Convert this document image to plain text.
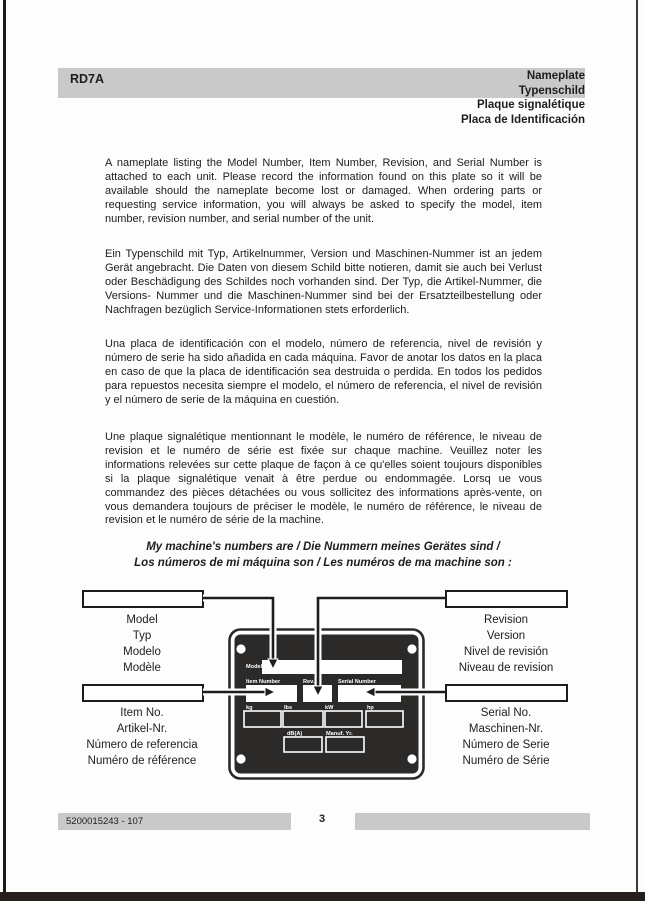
RD7A	Nameplate
Typenschild
Plaque signalétique
Placa de Identificación
A nameplate listing the Model Number, Item Number, Revision, and Serial Number is attached to each unit. Please record the information found on this plate so it will be available should the nameplate become lost or damaged. When ordering parts or requesting service information, you will always be asked to specify the model, item number, revision number, and serial number of the unit.
Ein Typenschild mit Typ, Artikelnummer, Version und Maschinen-Nummer ist an jedem Gerät angebracht. Die Daten von diesem Schild bitte notieren, damit sie auch bei Verlust oder Beschädigung des Schildes noch vorhanden sind. Der Typ, die Artikel-Nummer, die Versions- Nummer und die Maschinen-Nummer sind bei der Ersatzteilbestellung oder Nachfragen bezüglich Service-Informationen stets erforderlich.
Una placa de identificación con el modelo, número de referencia, nivel de revisión y número de serie ha sido añadida en cada máquina. Favor de anotar los datos en la placa en caso de que la placa de identificación sea destruida o perdida. En todos los pedidos para repuestos necesita siempre el modelo, el número de referencia, el nivel de revisión y el número de serie de la máquina en cuestión.
Une plaque signalétique mentionnant le modèle, le numéro de référence, le niveau de revision et le numéro de série est fixée sur chaque machine. Veuillez noter les informations relevées sur cette plaque de façon à ce qu'elles soient toujours disponibles si la plaque signalétique venait à être perdue ou endommagée. Lorsq ue vous commandez des pièces détachées ou vous sollicitez des informations après-vente, on vous demandera toujours de préciser le modèle, le numéro de référence, le niveau de revision et le numéro de série de la machine.
My machine's numbers are / Die Nummern meines Gerätes sind /
Los números de mi máquina son / Les numéros de ma machine son :
Model
Typ
Modelo
Modèle
Revision
Version
Nivel de revisión
Niveau de revision
Item No.
Artikel-Nr.
Número de referencia
Numéro de référence
Serial No.
Maschinen-Nr.
Número de Serie
Numéro de Série
Model
Item Number	Rev.	Serial Number
kg	lbs	kW	hp
dB(A)	Manuf. Yr.
5200015243 - 107	3
